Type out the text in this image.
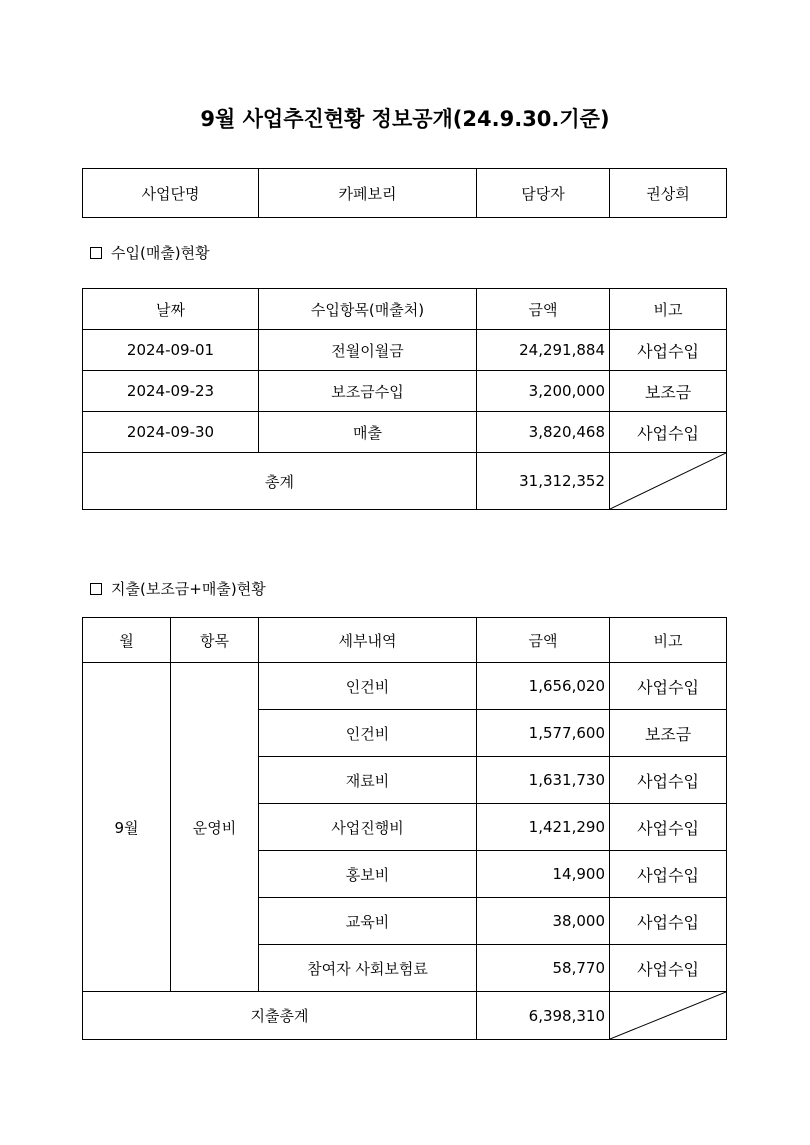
9월 사업추진현황 정보공개(24.9.30.기준)
사업단명	카페보리	담당자	권상희
수입(매출)현황
날짜	수입항목(매출처)	금액	비고
2024-09-01	전월이월금	24,291,884	사업수입
2024-09-23	보조금수입	3,200,000	보조금
2024-09-30	매출	3,820,468	사업수입
총계		31,312,352	
지출(보조금+매출)현황
월	항목	세부내역	금액	비고
9월	운영비	인건비	1,656,020	사업수입
		인건비	1,577,600	보조금
		재료비	1,631,730	사업수입
		사업진행비	1,421,290	사업수입
		홍보비	14,900	사업수입
		교육비	38,000	사업수입
		참여자 사회보험료	58,770	사업수입
지출총계			6,398,310	
